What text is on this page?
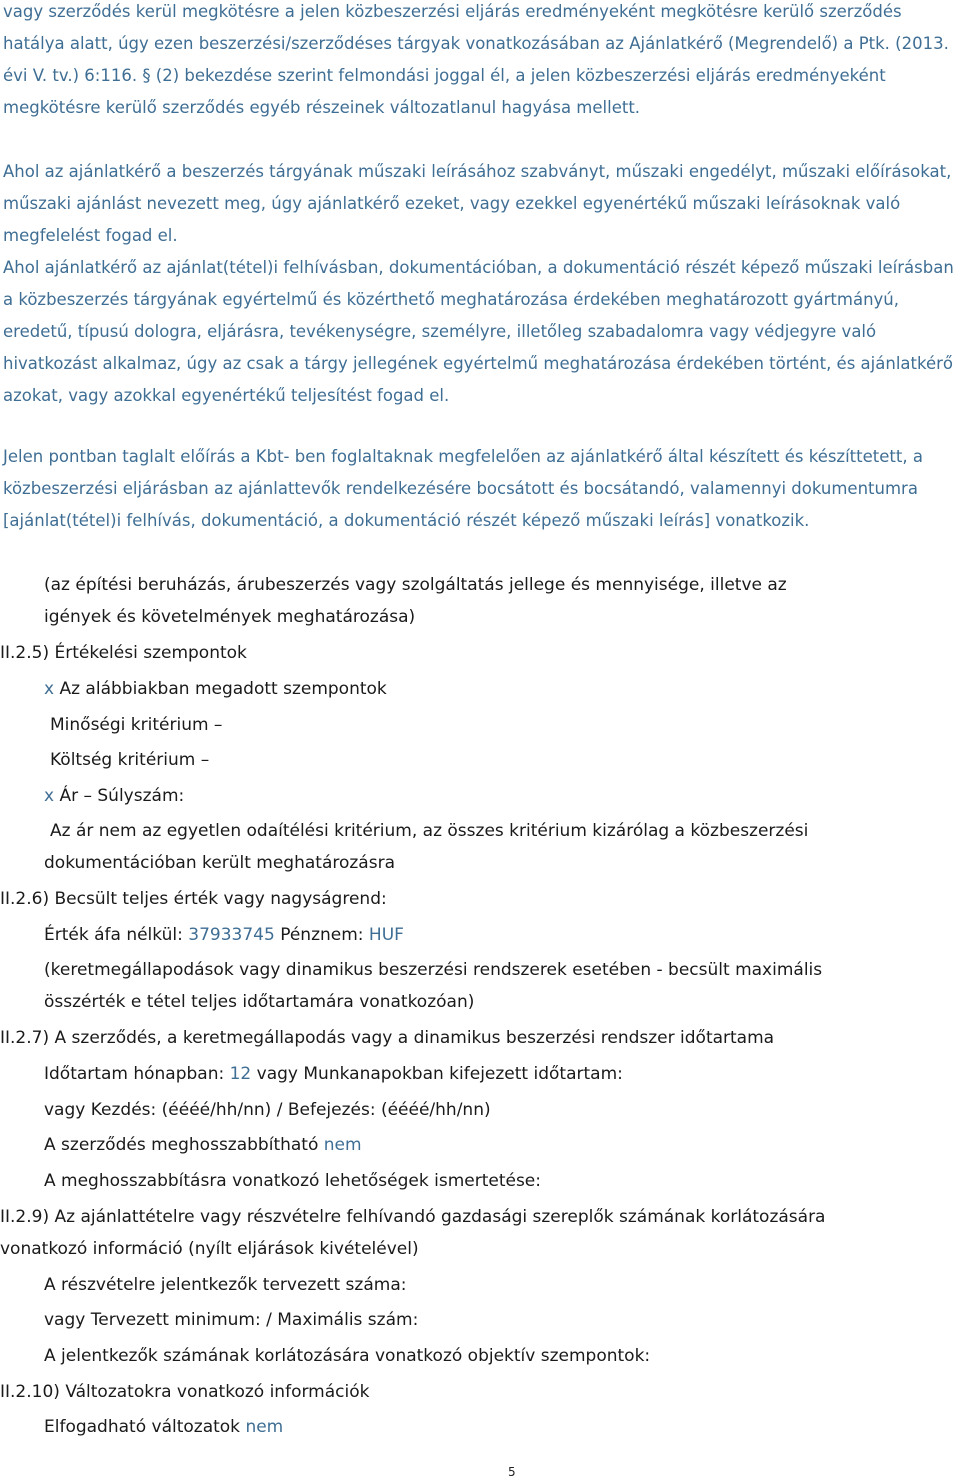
vagy szerződés kerül megkötésre a jelen közbeszerzési eljárás eredményeként megkötésre kerülő szerződés hatálya alatt, úgy ezen beszerzési/szerződéses tárgyak vonatkozásában az Ajánlatkérő (Megrendelő) a Ptk. (2013. évi V. tv.) 6:116. § (2) bekezdése szerint felmondási joggal él, a jelen közbeszerzési eljárás eredményeként megkötésre kerülő szerződés egyéb részeinek változatlanul hagyása mellett.

Ahol az ajánlatkérő a beszerzés tárgyának műszaki leírásához szabványt, műszaki engedélyt, műszaki előírásokat, műszaki ajánlást nevezett meg, úgy ajánlatkérő ezeket, vagy ezekkel egyenértékű műszaki leírásoknak való megfelelést fogad el.

Ahol ajánlatkérő az ajánlat(tétel)i felhívásban, dokumentációban, a dokumentáció részét képező műszaki leírásban a közbeszerzés tárgyának egyértelmű és közérthető meghatározása érdekében meghatározott gyártmányú, eredetű, típusú dologra, eljárásra, tevékenységre, személyre, illetőleg szabadalomra vagy védjegyre való hivatkozást alkalmaz, úgy az csak a tárgy jellegének egyértelmű meghatározása érdekében történt, és ajánlatkérő azokat, vagy azokkal egyenértékű teljesítést fogad el.

Jelen pontban taglalt előírás a Kbt- ben foglaltaknak megfelelően az ajánlatkérő által készített és készíttetett, a közbeszerzési eljárásban az ajánlattevők rendelkezésére bocsátott és bocsátandó, valamennyi dokumentumra [ajánlat(tétel)i felhívás, dokumentáció, a dokumentáció részét képező műszaki leírás] vonatkozik.

(az építési beruházás, árubeszerzés vagy szolgáltatás jellege és mennyisége, illetve az
igények és követelmények meghatározása)
II.2.5) Értékelési szempontok
x Az alábbiakban megadott szempontok
Minőségi kritérium –
Költség kritérium –
x Ár – Súlyszám:
Az ár nem az egyetlen odaítélési kritérium, az összes kritérium kizárólag a közbeszerzési
dokumentációban került meghatározásra
II.2.6) Becsült teljes érték vagy nagyságrend:
Érték áfa nélkül: 37933745 Pénznem: HUF
(keretmegállapodások vagy dinamikus beszerzési rendszerek esetében - becsült maximális
összérték e tétel teljes időtartamára vonatkozóan)
II.2.7) A szerződés, a keretmegállapodás vagy a dinamikus beszerzési rendszer időtartama
Időtartam hónapban: 12 vagy Munkanapokban kifejezett időtartam:
vagy Kezdés: (éééé/hh/nn) / Befejezés: (éééé/hh/nn)
A szerződés meghosszabbítható nem
A meghosszabbításra vonatkozó lehetőségek ismertetése:
II.2.9) Az ajánlattételre vagy részvételre felhívandó gazdasági szereplők számának korlátozására
vonatkozó információ (nyílt eljárások kivételével)
A részvételre jelentkezők tervezett száma:
vagy Tervezett minimum: / Maximális szám:
A jelentkezők számának korlátozására vonatkozó objektív szempontok:
II.2.10) Változatokra vonatkozó információk
Elfogadható változatok nem
5
